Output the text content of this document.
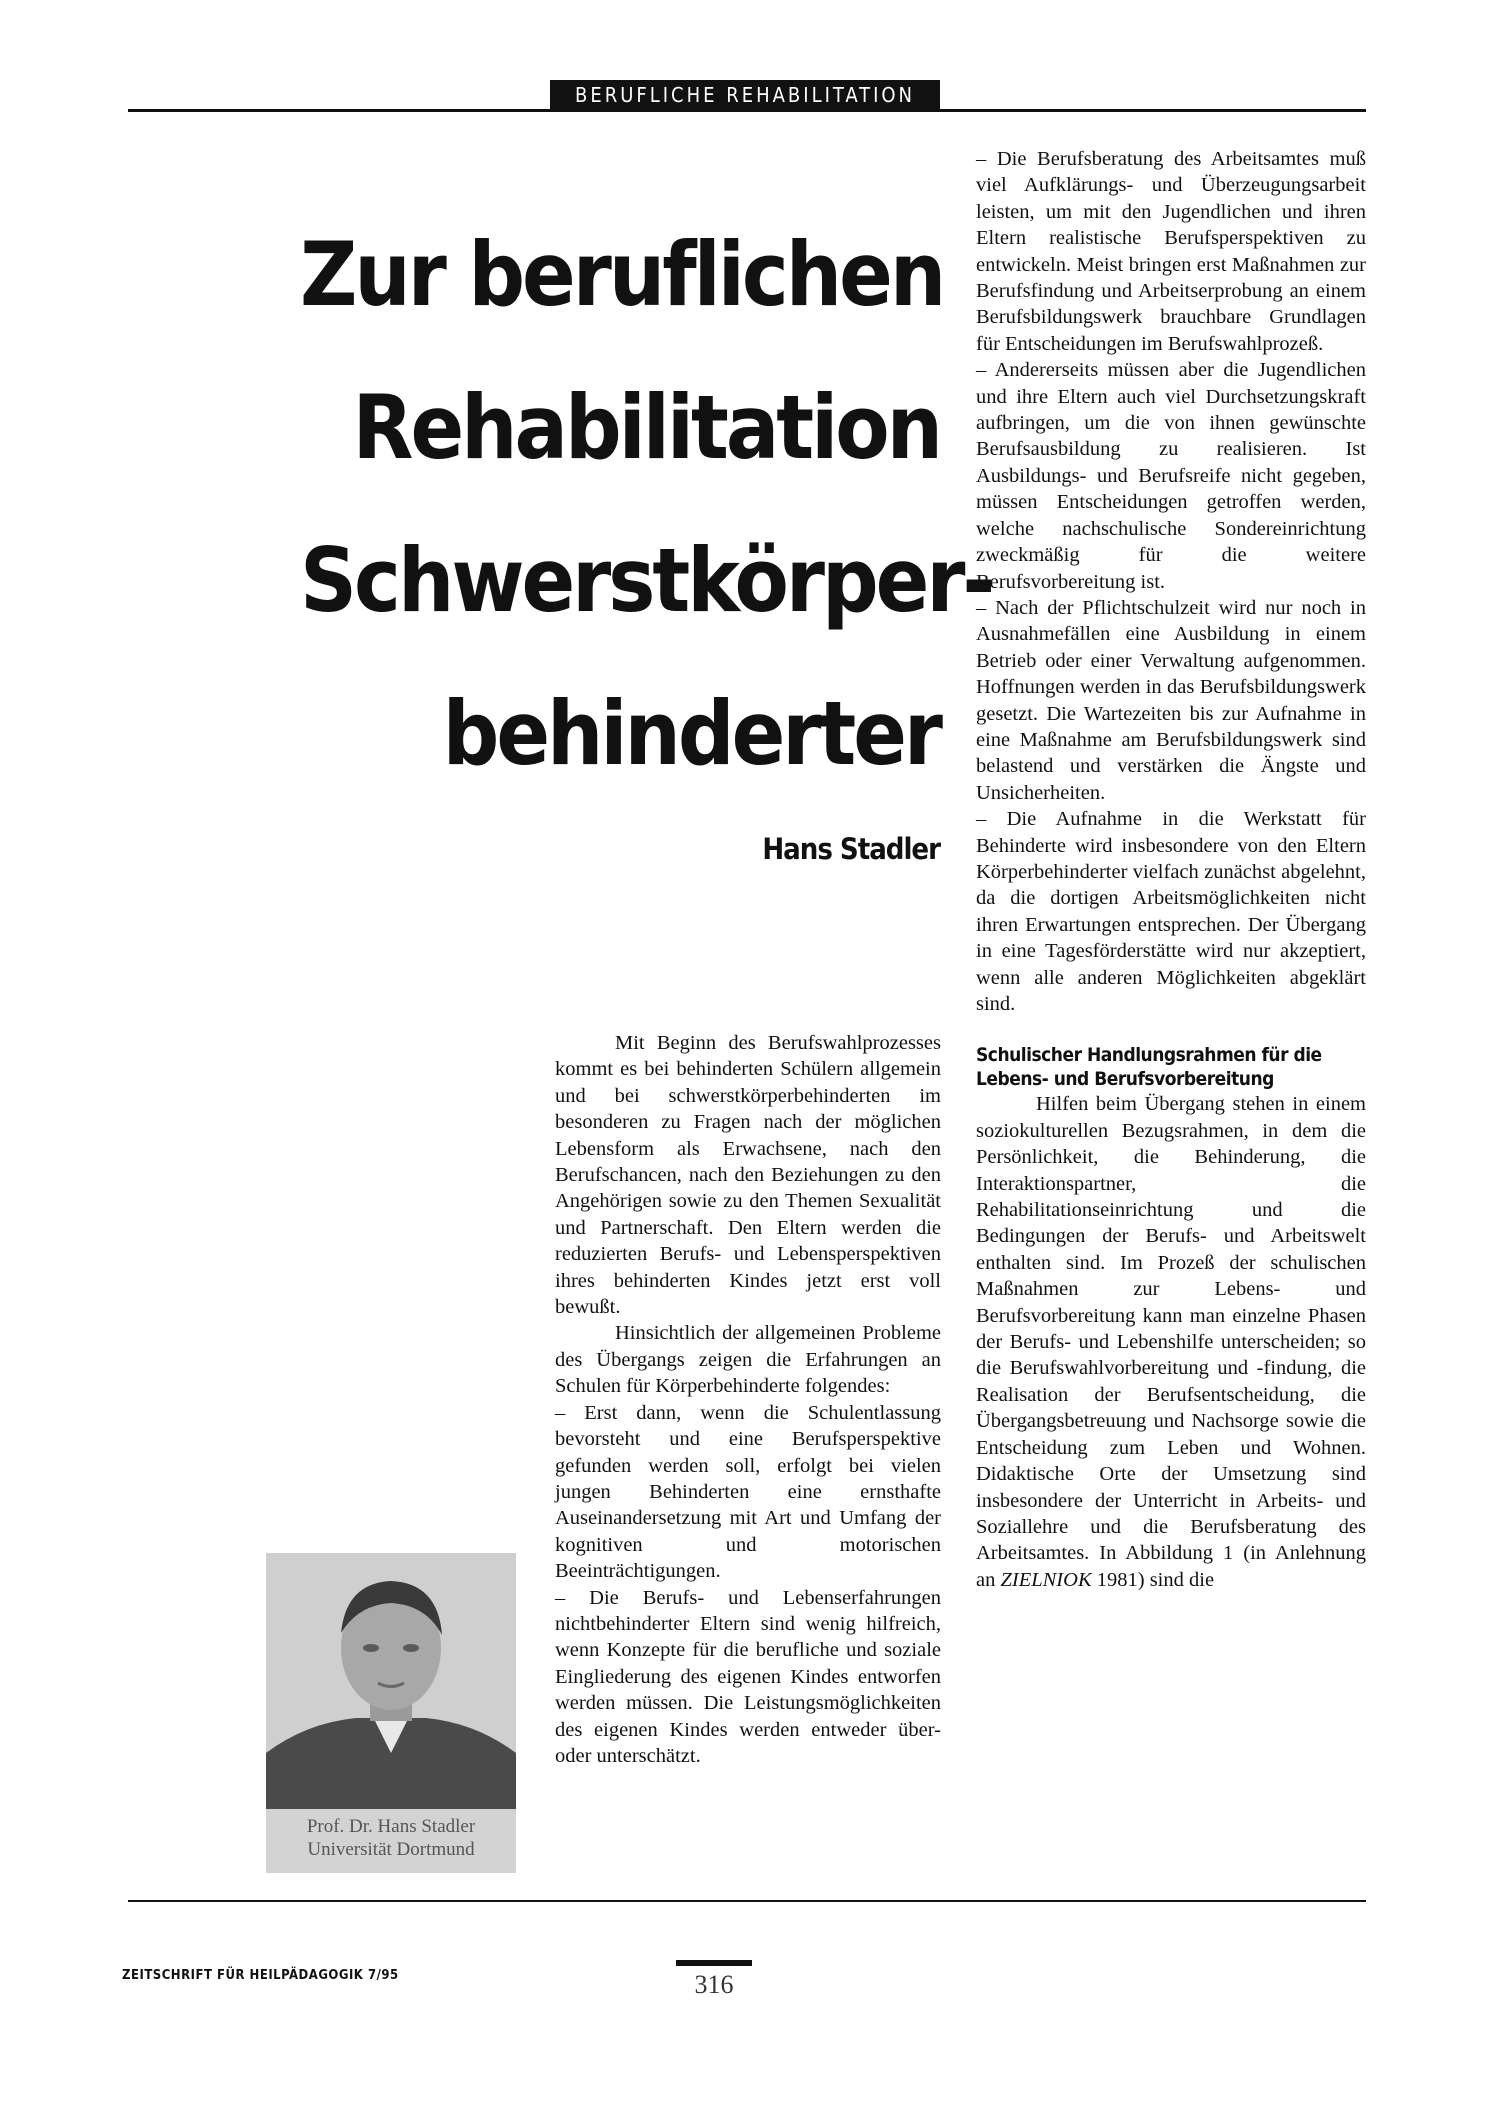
BERUFLICHE REHABILITATION
Zur beruflichen
Rehabilitation
Schwerstkörper-
behinderter
Hans Stadler
Prof. Dr. Hans Stadler
Universität Dortmund

Mit Beginn des Berufswahlprozesses kommt es bei behinderten Schülern allgemein und bei schwerstkörperbehinderten im besonderen zu Fragen nach der möglichen Lebensform als Erwachsene, nach den Berufschancen, nach den Beziehungen zu den Angehörigen sowie zu den Themen Sexualität und Partnerschaft. Den Eltern werden die reduzierten Berufs- und Lebensperspektiven ihres behinderten Kindes jetzt erst voll bewußt.

Hinsichtlich der allgemeinen Probleme des Übergangs zeigen die Erfahrungen an Schulen für Körperbehinderte folgendes:

– Erst dann, wenn die Schulentlassung bevorsteht und eine Berufsperspektive gefunden werden soll, erfolgt bei vielen jungen Behinderten eine ernsthafte Auseinandersetzung mit Art und Umfang der kognitiven und motorischen Beeinträchtigungen.

– Die Berufs- und Lebenserfahrungen nichtbehinderter Eltern sind wenig hilfreich, wenn Konzepte für die berufliche und soziale Eingliederung des eigenen Kindes entworfen werden müssen. Die Leistungsmöglichkeiten des eigenen Kindes werden entweder über- oder unterschätzt.

– Die Berufsberatung des Arbeitsamtes muß viel Aufklärungs- und Überzeugungsarbeit leisten, um mit den Jugendlichen und ihren Eltern realistische Berufsperspektiven zu entwickeln. Meist bringen erst Maßnahmen zur Berufsfindung und Arbeitserprobung an einem Berufsbildungswerk brauchbare Grundlagen für Entscheidungen im Berufswahlprozeß.

– Andererseits müssen aber die Jugendlichen und ihre Eltern auch viel Durchsetzungskraft aufbringen, um die von ihnen gewünschte Berufsausbildung zu realisieren. Ist Ausbildungs- und Berufsreife nicht gegeben, müssen Entscheidungen getroffen werden, welche nachschulische Sondereinrichtung zweckmäßig für die weitere Berufsvorbereitung ist.

– Nach der Pflichtschulzeit wird nur noch in Ausnahmefällen eine Ausbildung in einem Betrieb oder einer Verwaltung aufgenommen. Hoffnungen werden in das Berufsbildungswerk gesetzt. Die Wartezeiten bis zur Aufnahme in eine Maßnahme am Berufsbildungswerk sind belastend und verstärken die Ängste und Unsicherheiten.

– Die Aufnahme in die Werkstatt für Behinderte wird insbesondere von den Eltern Körperbehinderter vielfach zunächst abgelehnt, da die dortigen Arbeitsmöglichkeiten nicht ihren Erwartungen entsprechen. Der Übergang in eine Tagesförderstätte wird nur akzeptiert, wenn alle anderen Möglichkeiten abgeklärt sind.

Schulischer Handlungsrahmen für die Lebens- und Berufsvorbereitung

Hilfen beim Übergang stehen in einem soziokulturellen Bezugsrahmen, in dem die Persönlichkeit, die Behinderung, die Interaktionspartner, die Rehabilitationseinrichtung und die Bedingungen der Berufs- und Arbeitswelt enthalten sind. Im Prozeß der schulischen Maßnahmen zur Lebens- und Berufsvorbereitung kann man einzelne Phasen der Berufs- und Lebenshilfe unterscheiden; so die Berufswahlvorbereitung und -findung, die Realisation der Berufsentscheidung, die Übergangsbetreuung und Nachsorge sowie die Entscheidung zum Leben und Wohnen. Didaktische Orte der Umsetzung sind insbesondere der Unterricht in Arbeits- und Soziallehre und die Berufsberatung des Arbeitsamtes. In Abbildung 1 (in Anlehnung an ZIELNIOK 1981) sind die

ZEITSCHRIFT FÜR HEILPÄDAGOGIK 7/95	316
